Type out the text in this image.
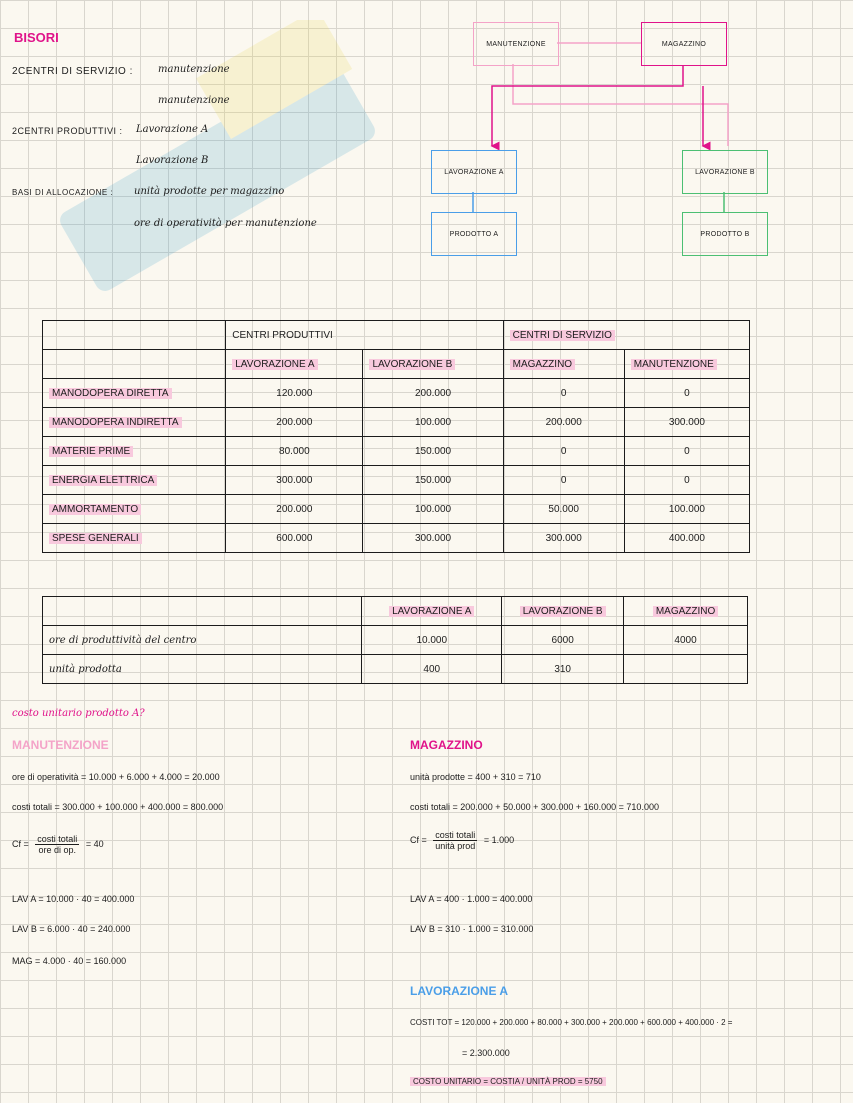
BISORI
2CENTRI DI SERVIZIO :	manutenzione
manutenzione
2CENTRI PRODUTTIVI : Lavorazione A
Lavorazione B
BASI DI ALLOCAZIONE : unità prodotte per magazzino
ore di operatività per manutenzione
MANUTENZIONE	MAGAZZINO
LAVORAZIONE A	LAVORAZIONE B
PRODOTTO A	PRODOTTO B
	CENTRI PRODUTTIVI		CENTRI DI SERVIZIO	
	LAVORAZIONE A	LAVORAZIONE B	MAGAZZINO	MANUTENZIONE
MANODOPERA DIRETTA	120.000	200.000	0	0
MANODOPERA INDIRETTA	200.000	100.000	200.000	300.000
MATERIE PRIME	80.000	150.000	0	0
ENERGIA ELETTRICA	300.000	150.000	0	0
AMMORTAMENTO	200.000	100.000	50.000	100.000
SPESE GENERALI	600.000	300.000	300.000	400.000
	LAVORAZIONE A	LAVORAZIONE B	MAGAZZINO
ore di produttività del centro	10.000	6000	4000
unità prodotta	400	310	
costo unitario prodotto A?
MANUTENZIONE
ore di operatività = 10.000 + 6.000 + 4.000 = 20.000
costi totali = 300.000 + 100.000 + 400.000 = 800.000
Cf = costi totali
ore di op.
= 40
LAV A = 10.000 · 40 = 400.000
LAV B = 6.000 · 40 = 240.000
MAG = 4.000 · 40 = 160.000
MAGAZZINO
unità prodotte = 400 + 310 = 710
costi totali = 200.000 + 50.000 + 300.000 + 160.000 = 710.000
Cf = costi totali
unità prod
= 1.000
LAV A = 400 · 1.000 = 400.000
LAV B = 310 · 1.000 = 310.000
LAVORAZIONE A
COSTI TOT = 120.000 + 200.000 + 80.000 + 300.000 + 200.000 + 600.000 + 400.000 · 2 =
= 2.300.000
COSTO UNITARIO = COSTIA / UNITÀ PROD = 5750
